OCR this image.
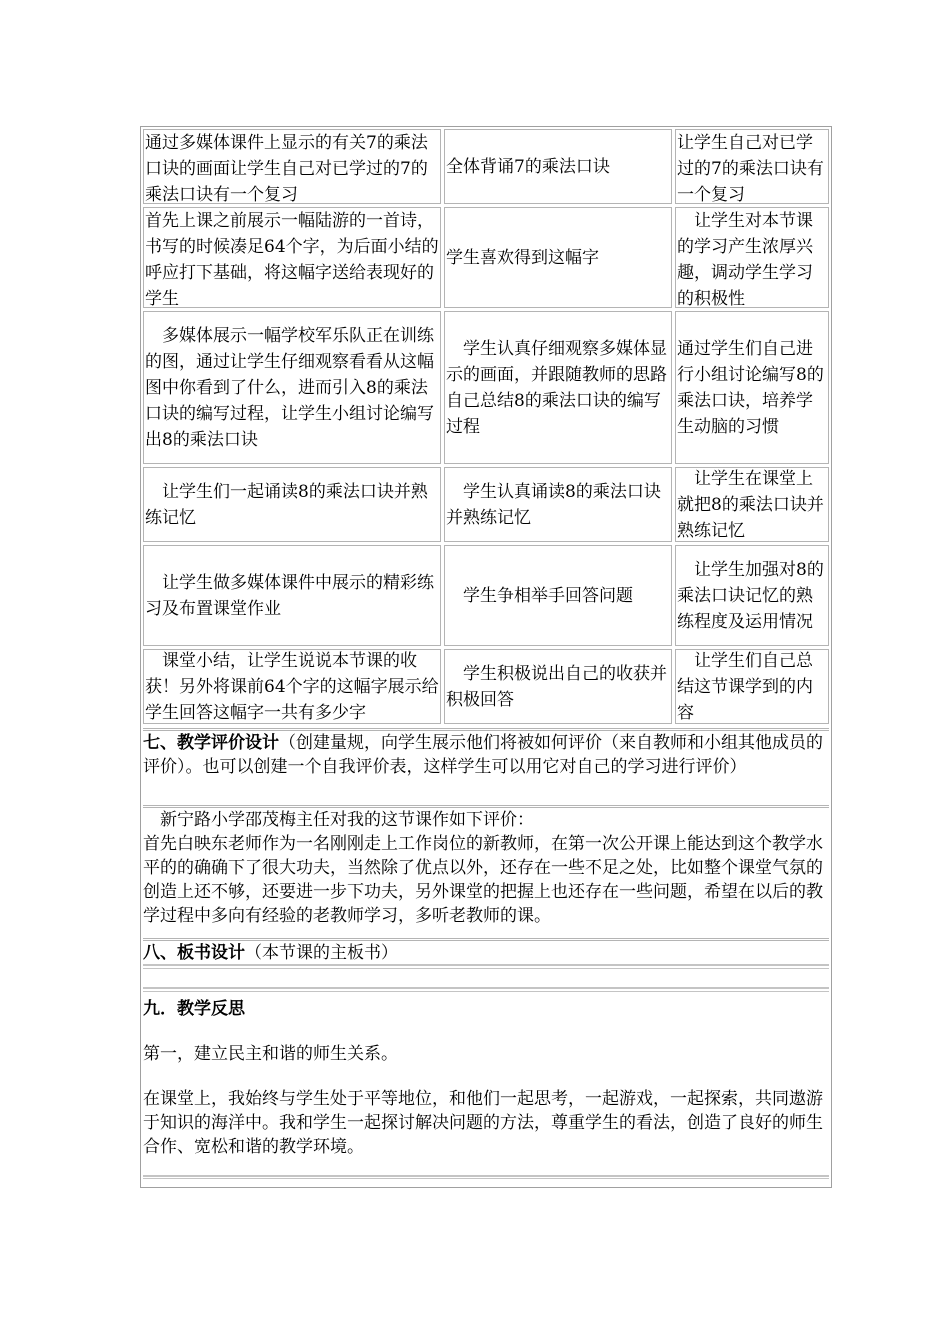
通过多媒体课件上显示的有关7的乘法口诀的画面让学生自己对已学过的7的乘法口诀有一个复习

全体背诵7的乘法口诀

让学生自己对已学过的7的乘法口诀有一个复习

首先上课之前展示一幅陆游的一首诗，书写的时候凑足64个字，为后面小结的呼应打下基础，将这幅字送给表现好的学生

学生喜欢得到这幅字

让学生对本节课的学习产生浓厚兴趣，调动学生学习的积极性

多媒体展示一幅学校军乐队正在训练的图，通过让学生仔细观察看看从这幅图中你看到了什么，进而引入8的乘法口诀的编写过程，让学生小组讨论编写出8的乘法口诀

学生认真仔细观察多媒体显示的画面，并跟随教师的思路自己总结8的乘法口诀的编写过程

通过学生们自己进行小组讨论编写8的乘法口诀，培养学生动脑的习惯

让学生们一起诵读8的乘法口诀并熟练记忆

学生认真诵读8的乘法口诀并熟练记忆

让学生在课堂上就把8的乘法口诀并熟练记忆

让学生做多媒体课件中展示的精彩练习及布置课堂作业

学生争相举手回答问题

让学生加强对8的乘法口诀记忆的熟练程度及运用情况

课堂小结，让学生说说本节课的收获！另外将课前64个字的这幅字展示给学生回答这幅字一共有多少字

学生积极说出自己的收获并积极回答

让学生们自己总结这节课学到的内容

七、教学评价设计（创建量规，向学生展示他们将被如何评价（来自教师和小组其他成员的评价）。也可以创建一个自我评价表，这样学生可以用它对自己的学习进行评价）

新宁路小学邵茂梅主任对我的这节课作如下评价：

首先白映东老师作为一名刚刚走上工作岗位的新教师，在第一次公开课上能达到这个教学水平的的确确下了很大功夫，当然除了优点以外，还存在一些不足之处，比如整个课堂气氛的创造上还不够，还要进一步下功夫，另外课堂的把握上也还存在一些问题，希望在以后的教学过程中多向有经验的老教师学习，多听老教师的课。

八、板书设计（本节课的主板书）

九．教学反思

第一，建立民主和谐的师生关系。

在课堂上，我始终与学生处于平等地位，和他们一起思考，一起游戏，一起探索，共同遨游于知识的海洋中。我和学生一起探讨解决问题的方法，尊重学生的看法，创造了良好的师生合作、宽松和谐的教学环境。
